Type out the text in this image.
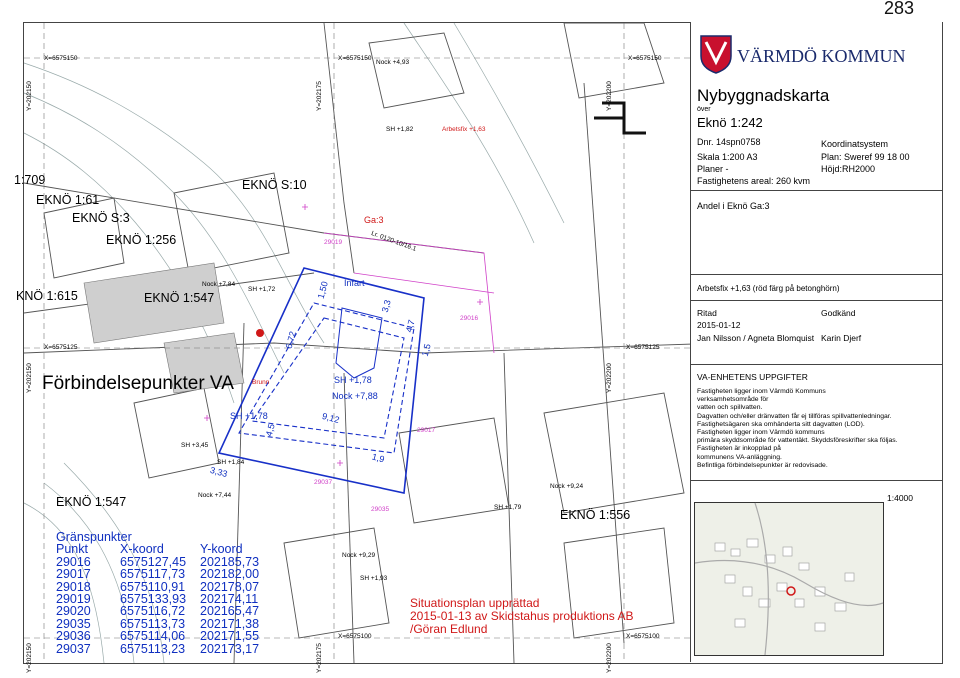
283
X=6575150	X=6575150	X=6575150
X=6575125	X=6575125
X=6575100	X=6575100
Y=202150	Y=202175	Y=202200
Y=202150	Y=202200
Y=202150	Y=202175	Y=202200
1:709
EKNÖ 1:61
EKNÖ S:10
EKNÖ S:3	Ga:3
EKNÖ 1:256
KNÖ 1:615	EKNÖ 1:547
EKNÖ 1:547
EKNÖ 1:556
Nock +4,93
SH +1,82	Arbetsfix +1,63
Nock +7,84
SH +1,72
Infart
SH +1,78
Nock +7,88
SH +1,78
SH +3,45
SH +1,84
Nock +7,44
Nock +9,24
SH +1,79
Nock +9,29
SH +1,93
Brunn
1,50
3,3
4,7
6,72
4,5
9,12
1,9
3,33
1,5
29019
29016
29017
29037
29035
Lr. 0120-10/16.1
Förbindelsepunkter VA
Situationsplan upprättad
2015-01-13 av Skidstahus produktions AB
/Göran Edlund
Gränspunkter
Punkt	X-koord	Y-koord
29016	6575127,45	202185,73
29017	6575117,73	202182,00
29018	6575110,91	202178,07
29019	6575133,93	202174,11
29020	6575116,72	202165,47
29035	6575113,73	202171,38
29036	6575114,06	202171,55
29037	6575113,23	202173,17
VÄRMDÖ KOMMUN
Nybyggnadskarta
över
Eknö 1:242
Dnr. 14spn0758
Skala 1:200 A3
Planer -
Fastighetens areal: 260 kvm
Koordinatsystem
Plan: Sweref 99 18 00
Höjd:RH2000
Andel i Eknö Ga:3
Arbetsfix +1,63 (röd färg på betonghörn)
Ritad	Godkänd
2015-01-12
Jan Nilsson / Agneta Blomquist Karin Djerf
VA-ENHETENS UPPGIFTER
Fastigheten ligger inom Värmdö Kommuns
verksamhetsområde för
vatten och spillvatten.
Dagvatten och/eller dränvatten får ej tillföras spillvattenledningar.
Fastighetsägaren ska omhänderta sitt dagvatten (LOD).
Fastigheten ligger inom Värmdö kommuns
primära skyddsområde för vattentäkt. Skyddsföreskrifter ska följas.
Fastigheten är inkopplad på
kommunens VA-anläggning.
Befintliga förbindelsepunkter är redovisade.
1:4000
